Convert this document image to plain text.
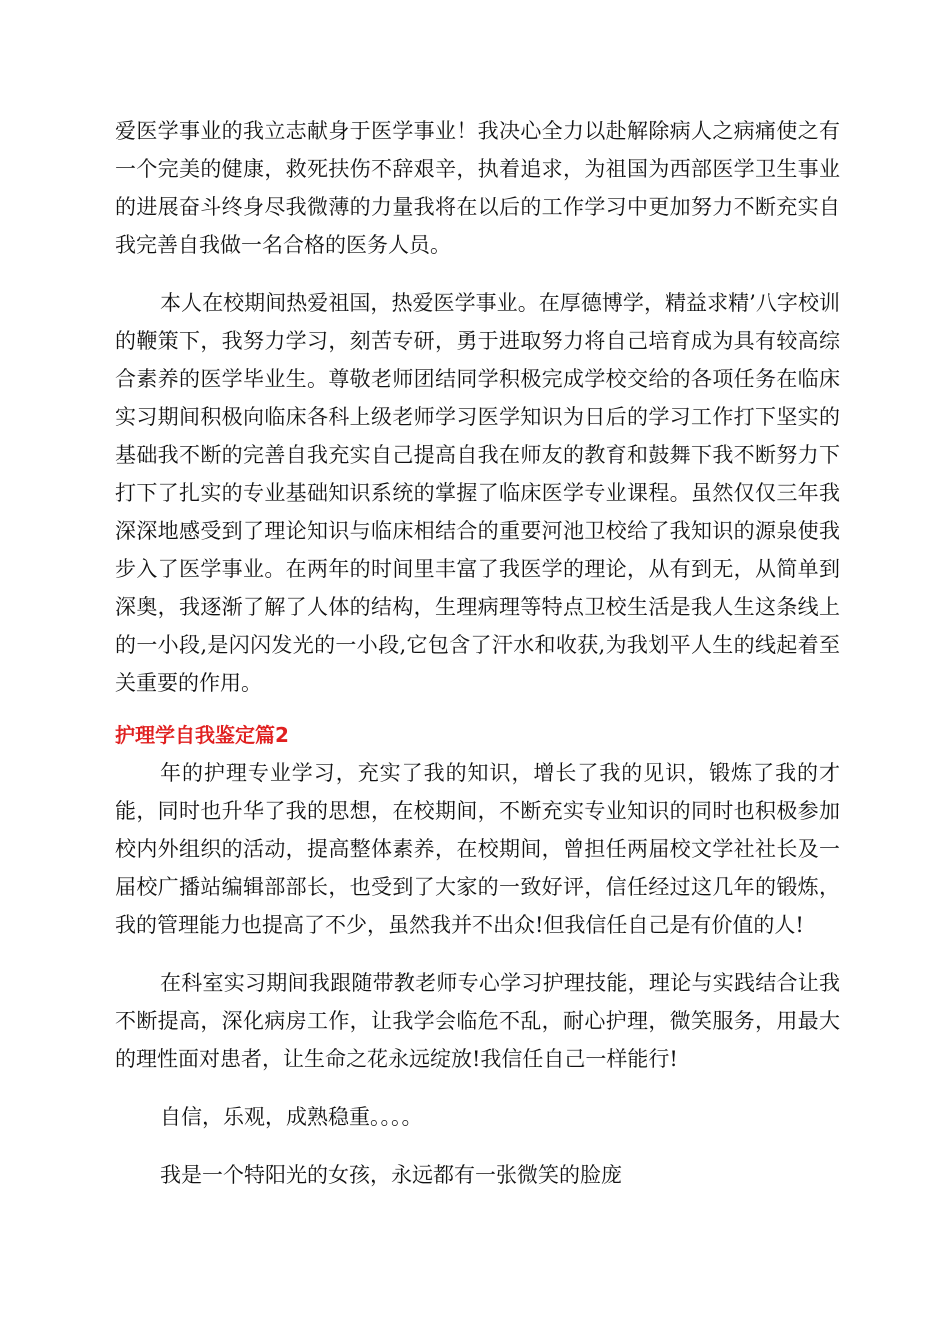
爱医学事业的我立志献身于医学事业！我决心全力以赴解除病人之病痛使之有一个完美的健康，救死扶伤不辞艰辛，执着追求，为祖国为西部医学卫生事业的进展奋斗终身尽我微薄的力量我将在以后的工作学习中更加努力不断充实自我完善自我做一名合格的医务人员。

本人在校期间热爱祖国，热爱医学事业。在厚德博学，精益求精’八字校训的鞭策下，我努力学习，刻苦专研，勇于进取努力将自己培育成为具有较高综合素养的医学毕业生。尊敬老师团结同学积极完成学校交给的各项任务在临床实习期间积极向临床各科上级老师学习医学知识为日后的学习工作打下坚实的基础我不断的完善自我充实自己提高自我在师友的教育和鼓舞下我不断努力下打下了扎实的专业基础知识系统的掌握了临床医学专业课程。虽然仅仅三年我深深地感受到了理论知识与临床相结合的重要河池卫校给了我知识的源泉使我步入了医学事业。在两年的时间里丰富了我医学的理论，从有到无，从简单到深奥，我逐渐了解了人体的结构，生理病理等特点卫校生活是我人生这条线上的一小段,是闪闪发光的一小段,它包含了汗水和收获,为我划平人生的线起着至关重要的作用。

护理学自我鉴定篇2

年的护理专业学习，充实了我的知识，增长了我的见识，锻炼了我的才能，同时也升华了我的思想，在校期间，不断充实专业知识的同时也积极参加校内外组织的活动，提高整体素养，在校期间，曾担任两届校文学社社长及一届校广播站编辑部部长，也受到了大家的一致好评，信任经过这几年的锻炼，我的管理能力也提高了不少，虽然我并不出众!但我信任自己是有价值的人!

在科室实习期间我跟随带教老师专心学习护理技能，理论与实践结合让我不断提高，深化病房工作，让我学会临危不乱，耐心护理，微笑服务，用最大的理性面对患者，让生命之花永远绽放!我信任自己一样能行!

自信，乐观，成熟稳重。。。。

我是一个特阳光的女孩，永远都有一张微笑的脸庞
